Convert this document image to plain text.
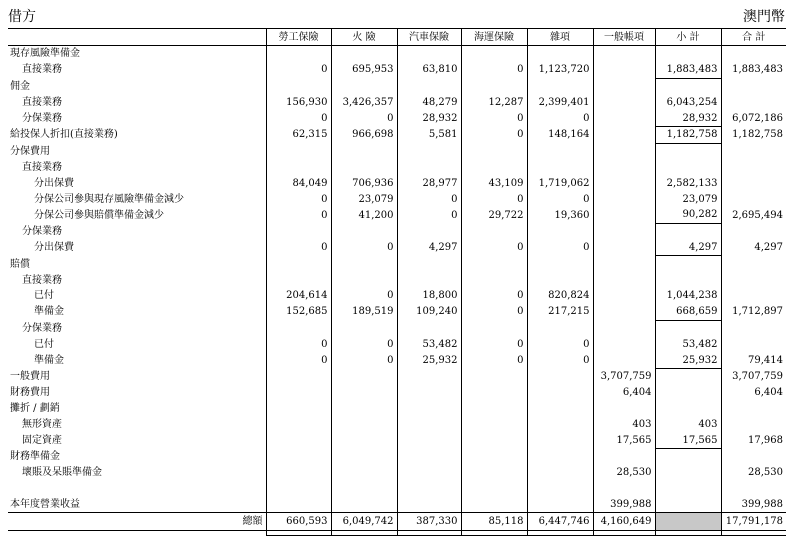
借方	澳門幣
	勞工保險	火 險	汽車保險	海運保險	雜項	一般帳項	小 計	合 計
現存風險準備金								
直接業務	0	695,953	63,810	0	1,123,720		1,883,483	1,883,483
佣金								
直接業務	156,930	3,426,357	48,279	12,287	2,399,401		6,043,254	
分保業務	0	0	28,932	0	0		28,932	6,072,186
給投保人折扣(直接業務)	62,315	966,698	5,581	0	148,164		1,182,758	1,182,758
分保費用								
直接業務								
分出保費	84,049	706,936	28,977	43,109	1,719,062		2,582,133	
分保公司參與現存風險準備金減少	0	23,079	0	0	0		23,079	
分保公司參與賠償準備金減少	0	41,200	0	29,722	19,360		90,282	2,695,494
分保業務								
分出保費	0	0	4,297	0	0		4,297	4,297
賠償								
直接業務								
已付	204,614	0	18,800	0	820,824		1,044,238	
準備金	152,685	189,519	109,240	0	217,215		668,659	1,712,897
分保業務								
已付	0	0	53,482	0	0		53,482	
準備金	0	0	25,932	0	0		25,932	79,414
一般費用						3,707,759		3,707,759
財務費用						6,404		6,404
攤折 / 劃銷								
無形資產						403	403	
固定資產						17,565	17,565	17,968
財務準備金								
壞賬及呆賬準備金						28,530		28,530

本年度營業收益						399,988		399,988
總額	660,593	6,049,742	387,330	85,118	6,447,746	4,160,649		17,791,178
